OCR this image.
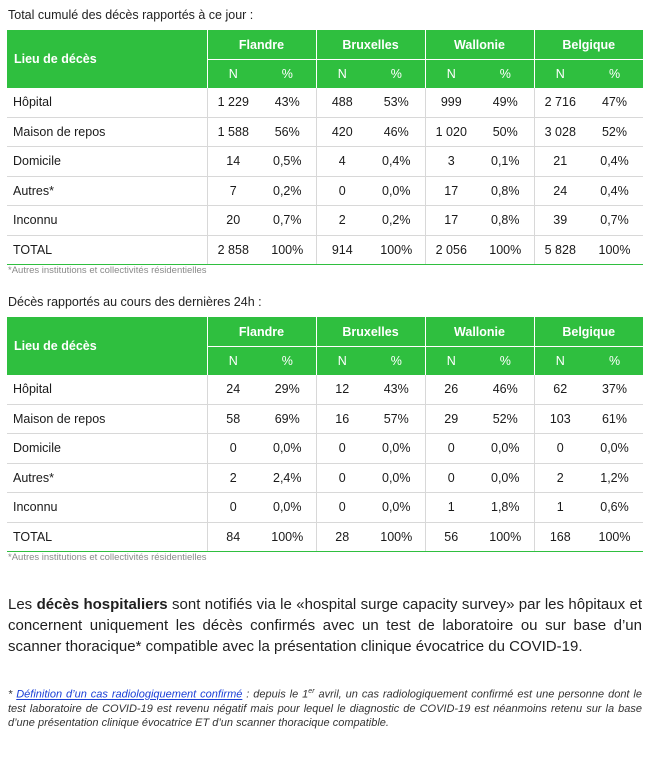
Total cumulé des décès rapportés à ce jour :
Lieu de décès	Flandre		Bruxelles		Wallonie		Belgique	
	N	%	N	%	N	%	N	%
Hôpital	1 229	43%	488	53%	999	49%	2 716	47%
Maison de repos	1 588	56%	420	46%	1 020	50%	3 028	52%
Domicile	14	0,5%	4	0,4%	3	0,1%	21	0,4%
Autres*	7	0,2%	0	0,0%	17	0,8%	24	0,4%
Inconnu	20	0,7%	2	0,2%	17	0,8%	39	0,7%
TOTAL	2 858	100%	914	100%	2 056	100%	5 828	100%
*Autres institutions et collectivités résidentielles
Décès rapportés au cours des dernières 24h :
Lieu de décès	Flandre		Bruxelles		Wallonie		Belgique	
	N	%	N	%	N	%	N	%
Hôpital	24	29%	12	43%	26	46%	62	37%
Maison de repos	58	69%	16	57%	29	52%	103	61%
Domicile	0	0,0%	0	0,0%	0	0,0%	0	0,0%
Autres*	2	2,4%	0	0,0%	0	0,0%	2	1,2%
Inconnu	0	0,0%	0	0,0%	1	1,8%	1	0,6%
TOTAL	84	100%	28	100%	56	100%	168	100%
*Autres institutions et collectivités résidentielles
Les décès hospitaliers sont notifiés via le «hospital surge capacity survey» par les hôpitaux et concernent uniquement les décès confirmés avec un test de laboratoire ou sur base d’un scanner thoracique* compatible avec la présentation clinique évocatrice du COVID-19.
* Définition d’un cas radiologiquement confirmé : depuis le 1er avril, un cas radiologiquement confirmé est une personne dont le test laboratoire de COVID-19 est revenu négatif mais pour lequel le diagnostic de COVID-19 est néanmoins retenu sur la base d’une présentation clinique évocatrice ET d’un scanner thoracique compatible.
